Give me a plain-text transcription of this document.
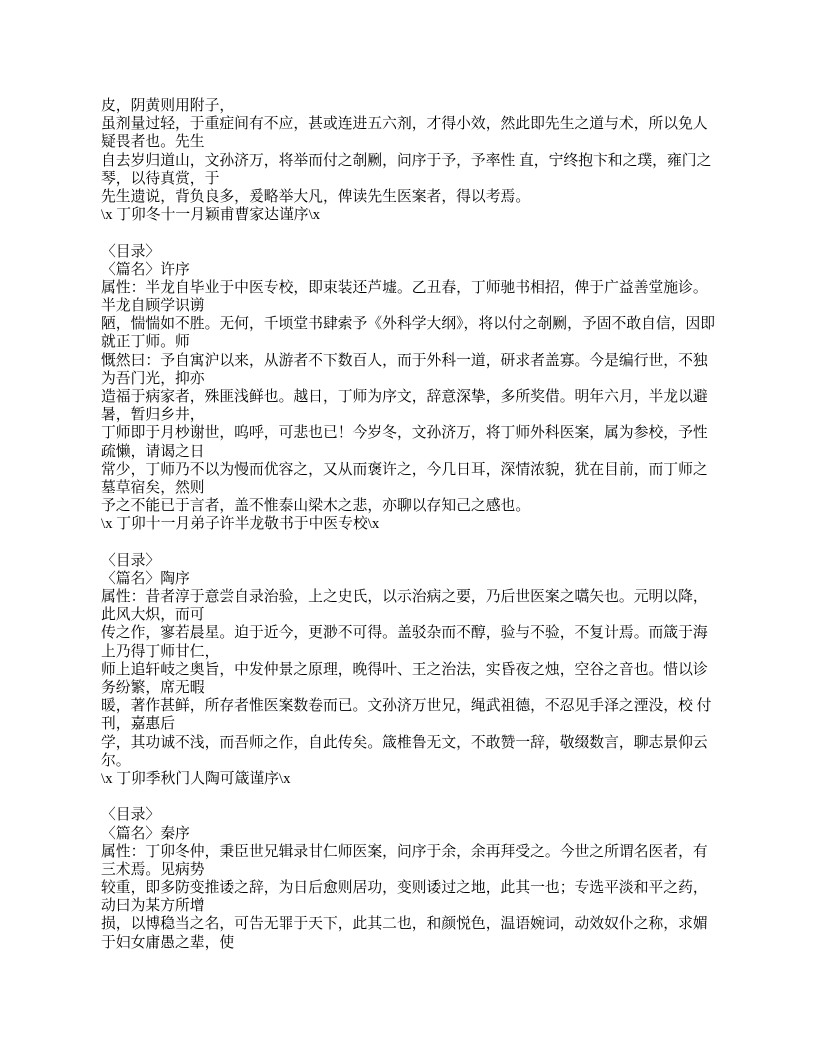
皮，阴黄则用附子，
虽剂量过轻，于重症间有不应，甚或连进五六剂，才得小效，然此即先生之道与术，所以免人
疑畏者也。先生
自去岁归道山，文孙济万，将举而付之剞劂，问序于予，予率性 直，宁终抱卞和之璞，雍门之
琴，以待真赏，于
先生遗说，背负良多，爰略举大凡，俾读先生医案者，得以考焉。
\x 丁卯冬十一月颖甫曹家达谨序\x
〈目录〉
〈篇名〉许序
属性：半龙自毕业于中医专校，即束装还芦墟。乙丑春，丁师驰书相招，俾于广益善堂施诊。
半龙自顾学识谫
陋，惴惴如不胜。无何，千顷堂书肆索予《外科学大纲》，将以付之剞劂，予固不敢自信，因即
就正丁师。师
慨然曰：予自寓沪以来，从游者不下数百人，而于外科一道，研求者盖寡。今是编行世，不独
为吾门光，抑亦
造福于病家者，殊匪浅鲜也。越日，丁师为序文，辞意深挚，多所奖借。明年六月，半龙以避
暑，暂归乡井，
丁师即于月杪谢世，呜呼，可悲也已！今岁冬，文孙济万，将丁师外科医案，属为参校，予性
疏懒，请谒之日
常少，丁师乃不以为慢而优容之，又从而褒许之，今几日耳，深情浓貌，犹在目前，而丁师之
墓草宿矣，然则
予之不能已于言者，盖不惟泰山梁木之悲，亦聊以存知己之感也。
\x 丁卯十一月弟子许半龙敬书于中医专校\x
〈目录〉
〈篇名〉陶序
属性：昔者淳于意尝自录治验，上之史氏，以示治病之要，乃后世医案之嚆矢也。元明以降，
此风大炽，而可
传之作，寥若晨星。迫于近今，更渺不可得。盖驳杂而不醇，验与不验，不复计焉。而箴于海
上乃得丁师甘仁，
师上追轩岐之奥旨，中发仲景之原理，晚得叶、王之治法，实昏夜之烛，空谷之音也。惜以诊
务纷繁，席无暇
暖，著作甚鲜，所存者惟医案数卷而已。文孙济万世兄，绳武祖德，不忍见手泽之湮没，校 付
刊，嘉惠后
学，其功诚不浅，而吾师之作，自此传矣。箴椎鲁无文，不敢赞一辞，敬缀数言，聊志景仰云
尔。
\x 丁卯季秋门人陶可箴谨序\x
〈目录〉
〈篇名〉秦序
属性：丁卯冬仲，秉臣世兄辑录甘仁师医案，问序于余，余再拜受之。今世之所谓名医者，有
三术焉。见病势
较重，即多防变推诿之辞，为日后愈则居功，变则诿过之地，此其一也；专选平淡和平之药，
动曰为某方所增
损，以博稳当之名，可告无罪于天下，此其二也，和颜悦色，温语婉词，动效奴仆之称，求媚
于妇女庸愚之辈，使
